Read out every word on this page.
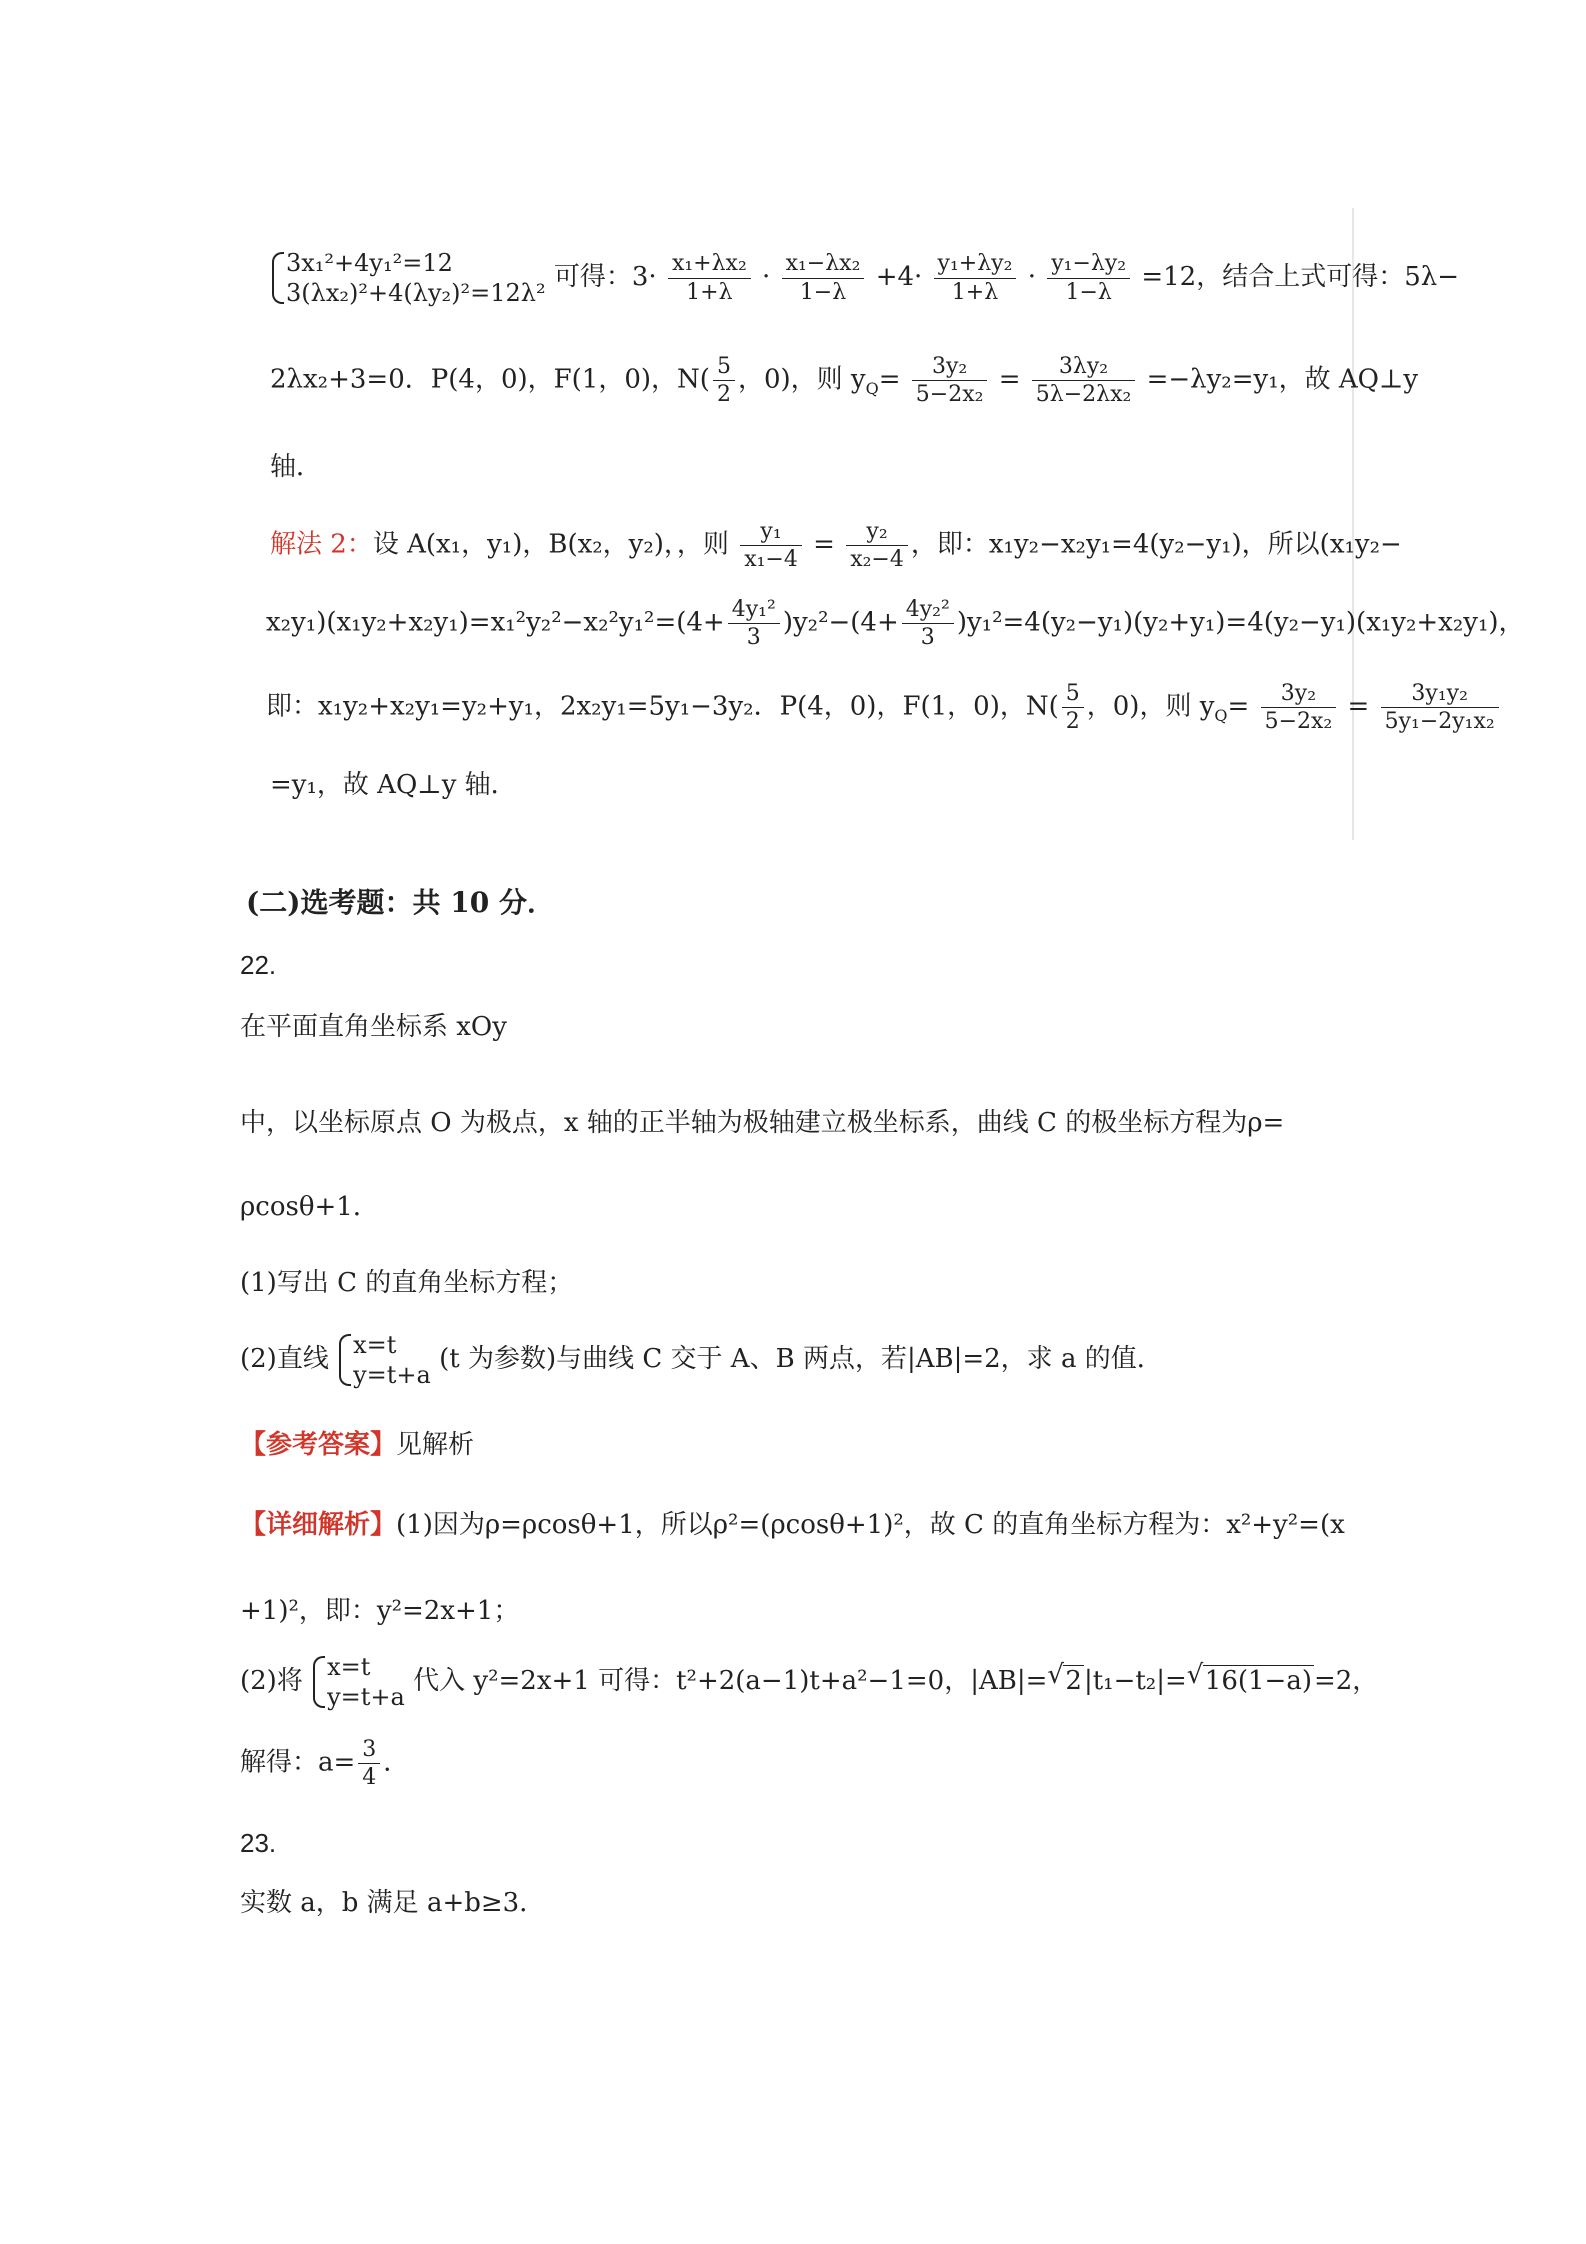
3x₁²+4y₁²=12
3(λx₂)²+4(λy₂)²=12λ²
可得：$3\cdot \frac{\text{x₁+λx₂}}{1+\lambda} \cdot \frac{\text{x₁−λx₂}}{1-\lambda} +4\cdot \frac{\text{y₁+λy₂}}{1+\lambda} \cdot \frac{\text{y₁−λy₂}}{1-\lambda} =12$，结合上式可得：5λ−
2λx₂+3=0．P(4，0)，F(1，0)，$N( \frac{5}{2}$ ，0)，则 $y_Q= \frac{\text{3y₂}}{\text{5−2x₂}} = \frac{\text{3λy₂}}{\text{5λ−2λx₂}} =-\lambda y_2=y_1$，故 AQ⊥y
轴．
解法 2：设 A(x₁，y₁)，B(x₂，y₂)，，则 $\frac{\text{y₁}}{\text{x₁−4}} = \frac{\text{y₂}}{\text{x₂−4}}$ ，即：x₁y₂−x₂y₁=4(y₂−y₁)，所以(x₁y₂−
$x_2y_1)(x_1y_2+x_2y_1)=x_1^2y_2^2-x_2^2y_1^2=(4+ \frac{\text{4y₁²}}{3} )y_2^2-(4+ \frac{\text{4y₂²}}{3} )y_1^2=4(y_2-y_1)(y_2+y_1)=4(y_2-y_1)(x_1y_2+x_2y_1)$，
即：x₁y₂+x₂y₁=y₂+y₁，2x₂y₁=5y₁−3y₂．P(4，0)，F(1，0)，$N( \frac{5}{2}$ ，0)，则 $y_Q= \frac{\text{3y₂}}{\text{5−2x₂}} = \frac{\text{3y₁y₂}}{\text{5y₁−2y₁x₂}}$
=y₁，故 AQ⊥y 轴．
(二)选考题：共 10 分．
22.
在平面直角坐标系 xOy
中，以坐标原点 O 为极点，x 轴的正半轴为极轴建立极坐标系，曲线 C 的极坐标方程为ρ=
ρcosθ+1．
(1)写出 C 的直角坐标方程；
(2)直线 x=t
y=t+a
(t 为参数)与曲线 C 交于 A、B 两点，若|AB|=2，求 a 的值．
【参考答案】见解析
【详细解析】(1)因为ρ=ρcosθ+1，所以ρ²=(ρcosθ+1)²，故 C 的直角坐标方程为：x²+y²=(x
+1)²，即：y²=2x+1；
(2)将 x=t
y=t+a
代入 y²=2x+1 可得：t²+2(a−1)t+a²−1=0，|AB|= √ 2|t₁−t₂|= √ 16(1−a)=2，
解得：$a= \frac{3}{4}$ ．
23.
实数 a，b 满足 a+b≥3．
